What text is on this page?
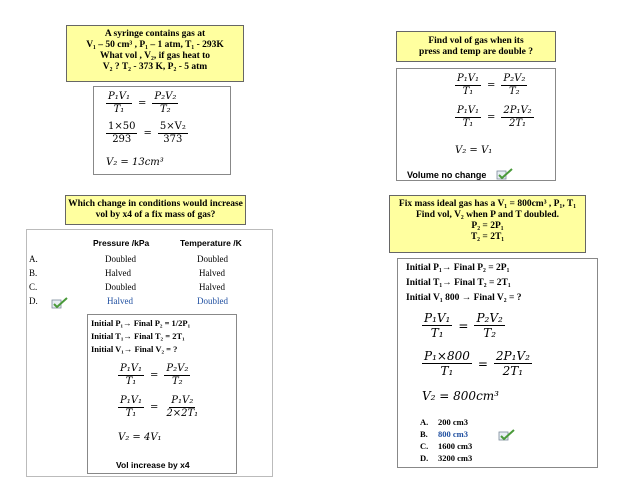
A syringe contains gas at
V₁ – 50 cm³ , P₁ – 1 atm, T₁ - 293K
What vol , V₂, if gas heat to
V₂ ? T₂ - 373 K, P₂ - 5 atm
$\frac{\text{P₁V₁}}{\text{T₁}} = \frac{\text{P₂V₂}}{\text{T₂}}$
$\frac{1\times 50}{293} = \frac{\text{5×V₂}}{373}$
V₂ = 13cm³
Find vol of gas when its
press and temp are double ?
$\frac{\text{P₁V₁}}{\text{T₁}} = \frac{\text{P₂V₂}}{\text{T₂}}$
$\frac{\text{P₁V₁}}{\text{T₁}} = \frac{\text{2P₁V₂}}{\text{2T₁}}$
V₂ = V₁
Volume no change
Which change in conditions would increase
vol by x4 of a fix mass of gas?
Pressure /kPa	Temperature /K
A.	Doubled	Doubled
B.	Halved	Halved
C.	Doubled	Halved
D.	Halved	Doubled
Initial P₁→ Final P₂ = 1/2P₁
Initial T₁→ Final T₂ = 2T₁
Initial V₁→ Final V₂ = ?
$\frac{\text{P₁V₁}}{\text{T₁}} = \frac{\text{P₂V₂}}{\text{T₂}}$
$\frac{\text{P₁V₁}}{\text{T₁}} = \frac{\text{P₁V₂}}{\text{2×2T₁}}$
V₂ = 4V₁
Vol increase by x4
Fix mass ideal gas has a V₁ = 800cm³ , P₁, T₁
Find vol, V₂ when P and T doubled.
P₂ = 2P₁
T₂ = 2T₁
Initial P₁→ Final P₂ = 2P₁
Initial T₁→ Final T₂ = 2T₁
Initial V₁ 800 → Final V₂ = ?
$\frac{\text{P₁V₁}}{\text{T₁}} = \frac{\text{P₂V₂}}{\text{T₂}}$
$\frac{\text{P₁×800}}{\text{T₁}} = \frac{\text{2P₁V₂}}{\text{2T₁}}$
V₂ = 800cm³
A. 200 cm3
B. 800 cm3
C. 1600 cm3
D. 3200 cm3
